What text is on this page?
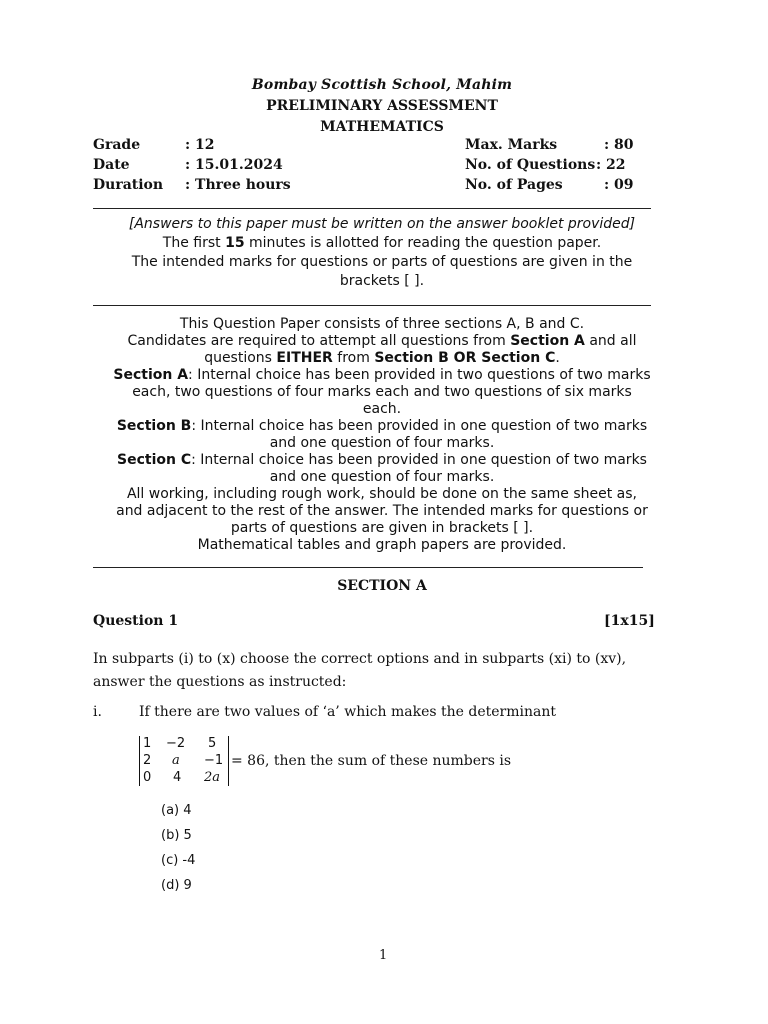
Bombay Scottish School, Mahim
PRELIMINARY ASSESSMENT
MATHEMATICS
Grade	: 12
Date	: 15.01.2024
Duration : Three hours
Max. Marks	: 80
No. of Questions : 22
No. of Pages	: 09
[Answers to this paper must be written on the answer booklet provided]
The first 15 minutes is allotted for reading the question paper.
The intended marks for questions or parts of questions are given in the
brackets [ ].
This Question Paper consists of three sections A, B and C.
Candidates are required to attempt all questions from Section A and all
questions EITHER from Section B OR Section C.
Section A: Internal choice has been provided in two questions of two marks
each, two questions of four marks each and two questions of six marks
each.
Section B: Internal choice has been provided in one question of two marks
and one question of four marks.
Section C: Internal choice has been provided in one question of two marks
and one question of four marks.
All working, including rough work, should be done on the same sheet as,
and adjacent to the rest of the answer. The intended marks for questions or
parts of questions are given in brackets [ ].
Mathematical tables and graph papers are provided.
SECTION A
Question 1	[1x15]
In subparts (i) to (x) choose the correct options and in subparts (xi) to (xv),
answer the questions as instructed:
i.	If there are two values of ‘a’ which makes the determinant
1 −2 5
2 a −1
0 4 2a
= 86, then the sum of these numbers is
(a) 4
(b) 5
(c) -4
(d) 9
1
